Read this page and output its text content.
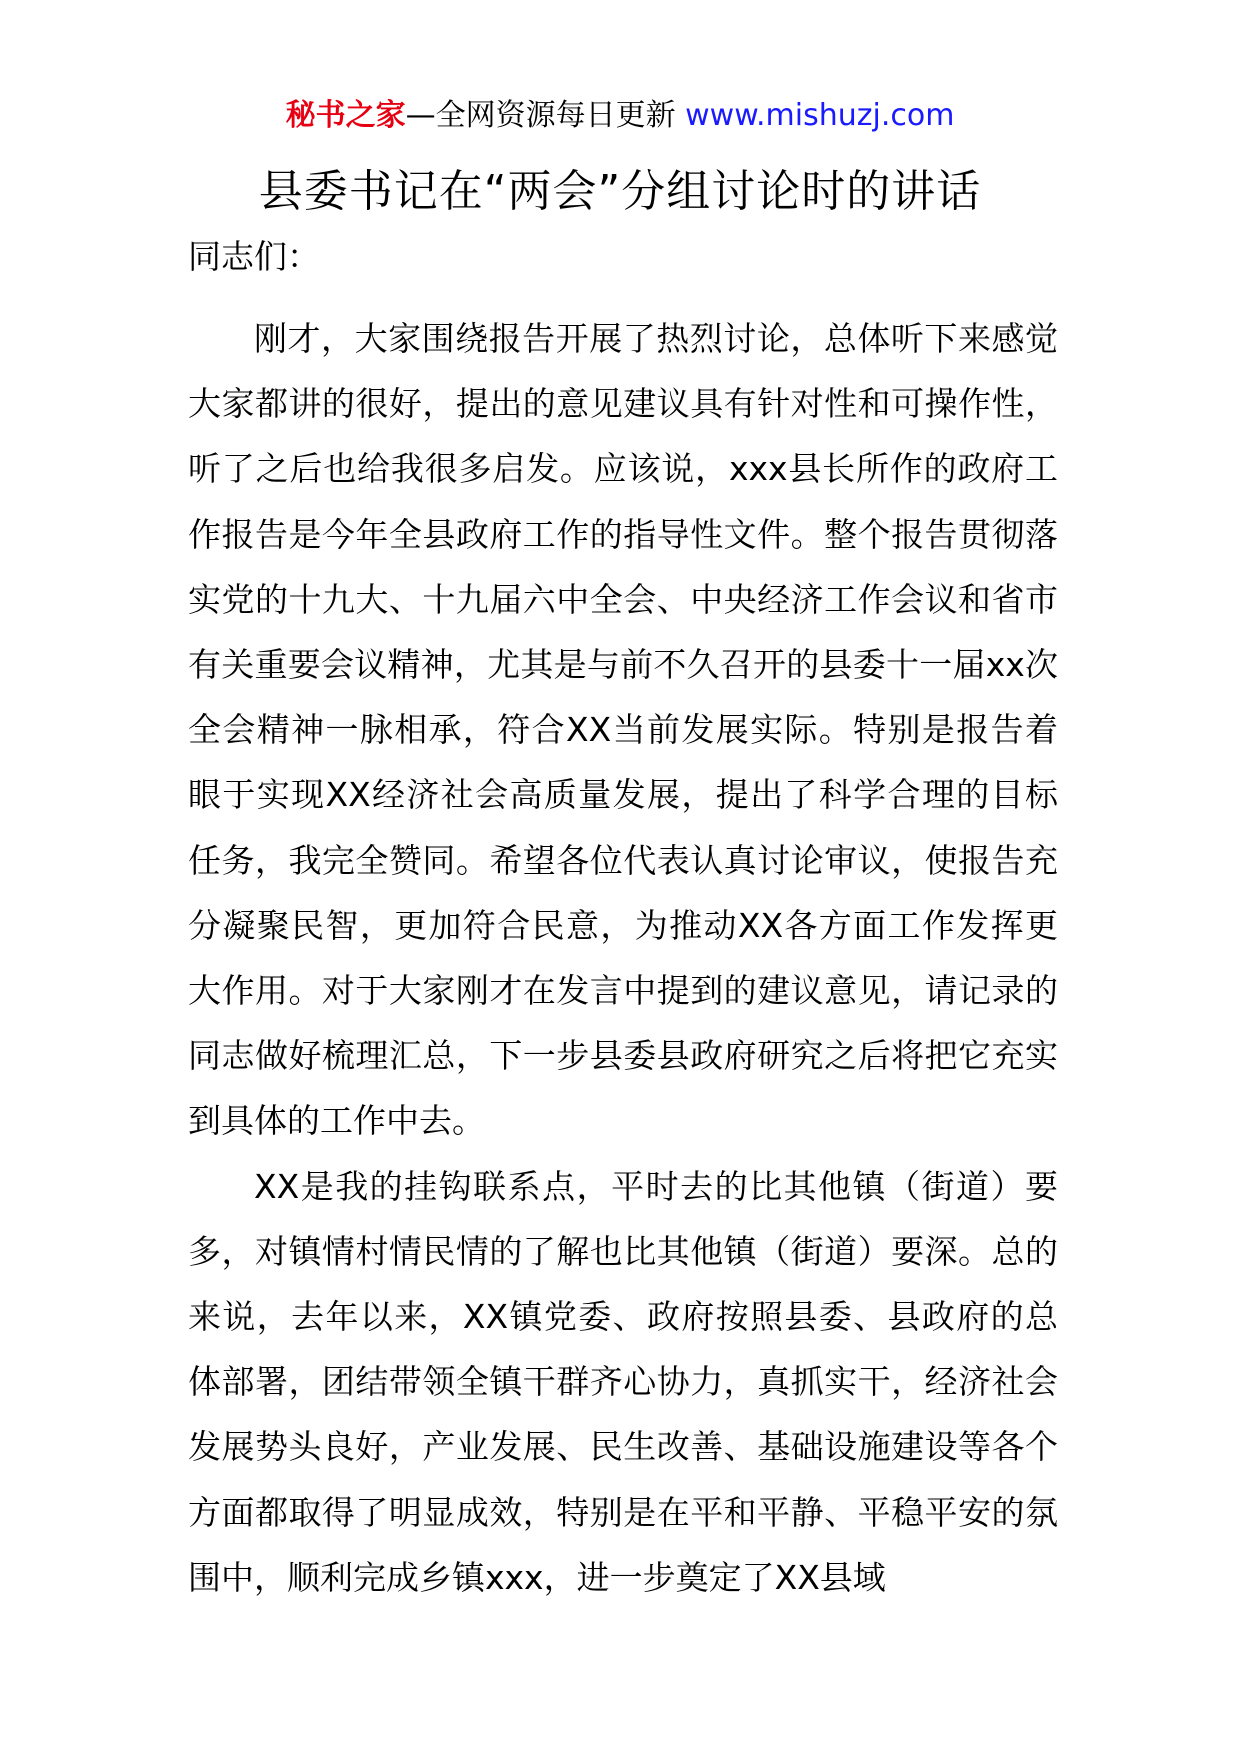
秘书之家—全网资源每日更新 www.mishuzj.com
县委书记在“两会”分组讨论时的讲话

同志们：

刚才，大家围绕报告开展了热烈讨论，总体听下来感觉大家都讲的很好，提出的意见建议具有针对性和可操作性，听了之后也给我很多启发。应该说，xxx县长所作的政府工作报告是今年全县政府工作的指导性文件。整个报告贯彻落实党的十九大、十九届六中全会、中央经济工作会议和省市有关重要会议精神，尤其是与前不久召开的县委十一届xx次全会精神一脉相承，符合XX当前发展实际。特别是报告着眼于实现XX经济社会高质量发展，提出了科学合理的目标任务，我完全赞同。希望各位代表认真讨论审议，使报告充分凝聚民智，更加符合民意，为推动XX各方面工作发挥更大作用。对于大家刚才在发言中提到的建议意见，请记录的同志做好梳理汇总，下一步县委县政府研究之后将把它充实到具体的工作中去。

XX是我的挂钩联系点，平时去的比其他镇（街道）要多，对镇情村情民情的了解也比其他镇（街道）要深。总的来说，去年以来，XX镇党委、政府按照县委、县政府的总体部署，团结带领全镇干群齐心协力，真抓实干，经济社会发展势头良好，产业发展、民生改善、基础设施建设等各个方面都取得了明显成效，特别是在平和平静、平稳平安的氛围中，顺利完成乡镇xxx，进一步奠定了XX县域
